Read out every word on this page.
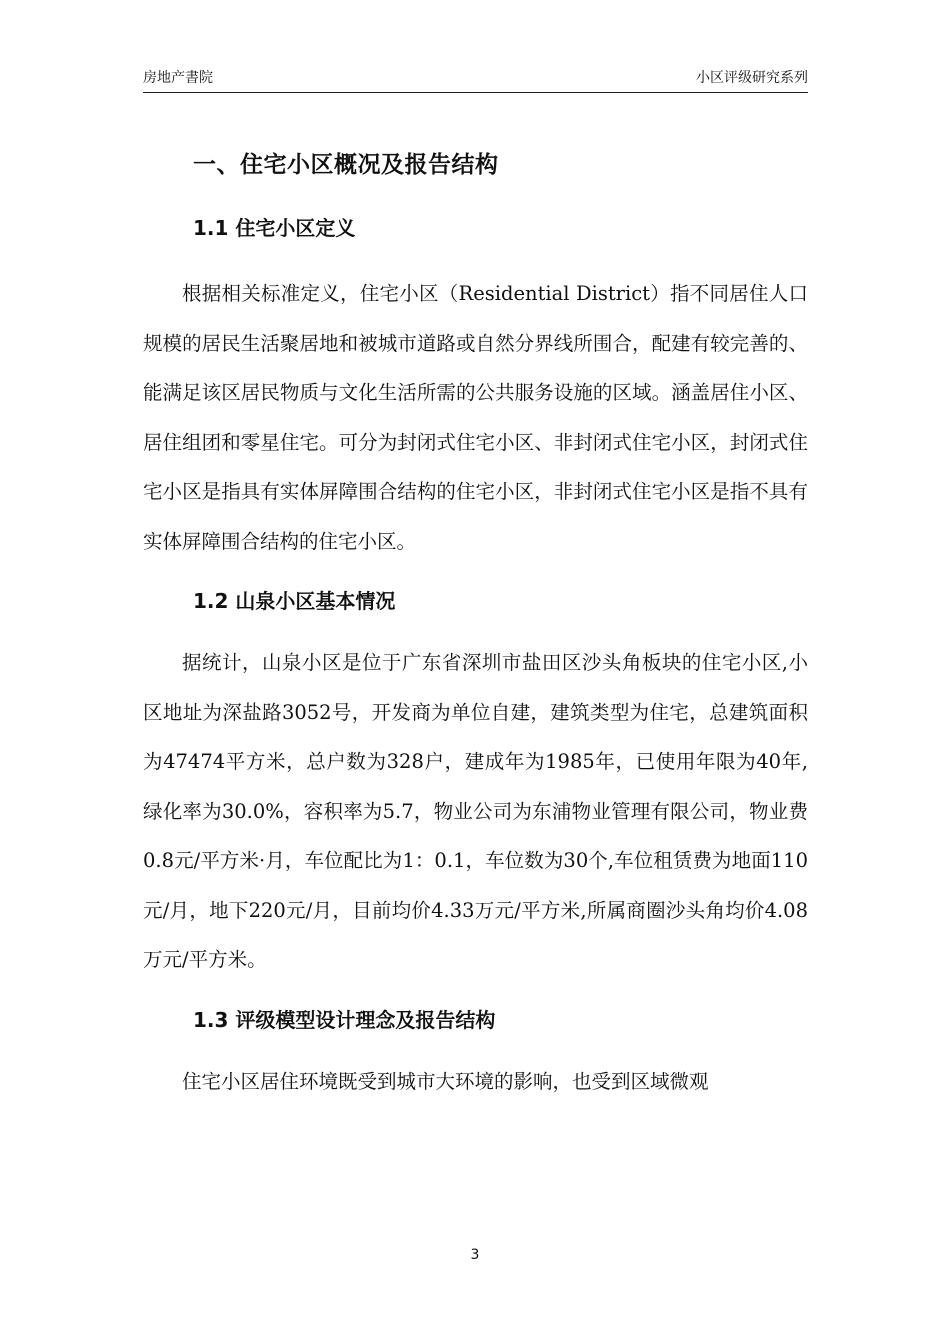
房地产書院	小区评级研究系列
一、住宅小区概况及报告结构
1.1 住宅小区定义

根据相关标准定义，住宅小区（Residential District）指不同居住人口规模的居民生活聚居地和被城市道路或自然分界线所围合，配建有较完善的、能满足该区居民物质与文化生活所需的公共服务设施的区域。涵盖居住小区、居住组团和零星住宅。可分为封闭式住宅小区、非封闭式住宅小区，封闭式住宅小区是指具有实体屏障围合结构的住宅小区，非封闭式住宅小区是指不具有实体屏障围合结构的住宅小区。

1.2 山泉小区基本情况

据统计，山泉小区是位于广东省深圳市盐田区沙头角板块的住宅小区,小区地址为深盐路3052号，开发商为单位自建，建筑类型为住宅，总建筑面积为47474平方米，总户数为328户，建成年为1985年，已使用年限为40年,绿化率为30.0%，容积率为5.7，物业公司为东浦物业管理有限公司，物业费0.8元/平方米·月，车位配比为1：0.1，车位数为30个,车位租赁费为地面110元/月，地下220元/月，目前均价4.33万元/平方米,所属商圈沙头角均价4.08万元/平方米。

1.3 评级模型设计理念及报告结构

住宅小区居住环境既受到城市大环境的影响，也受到区域微观

3
